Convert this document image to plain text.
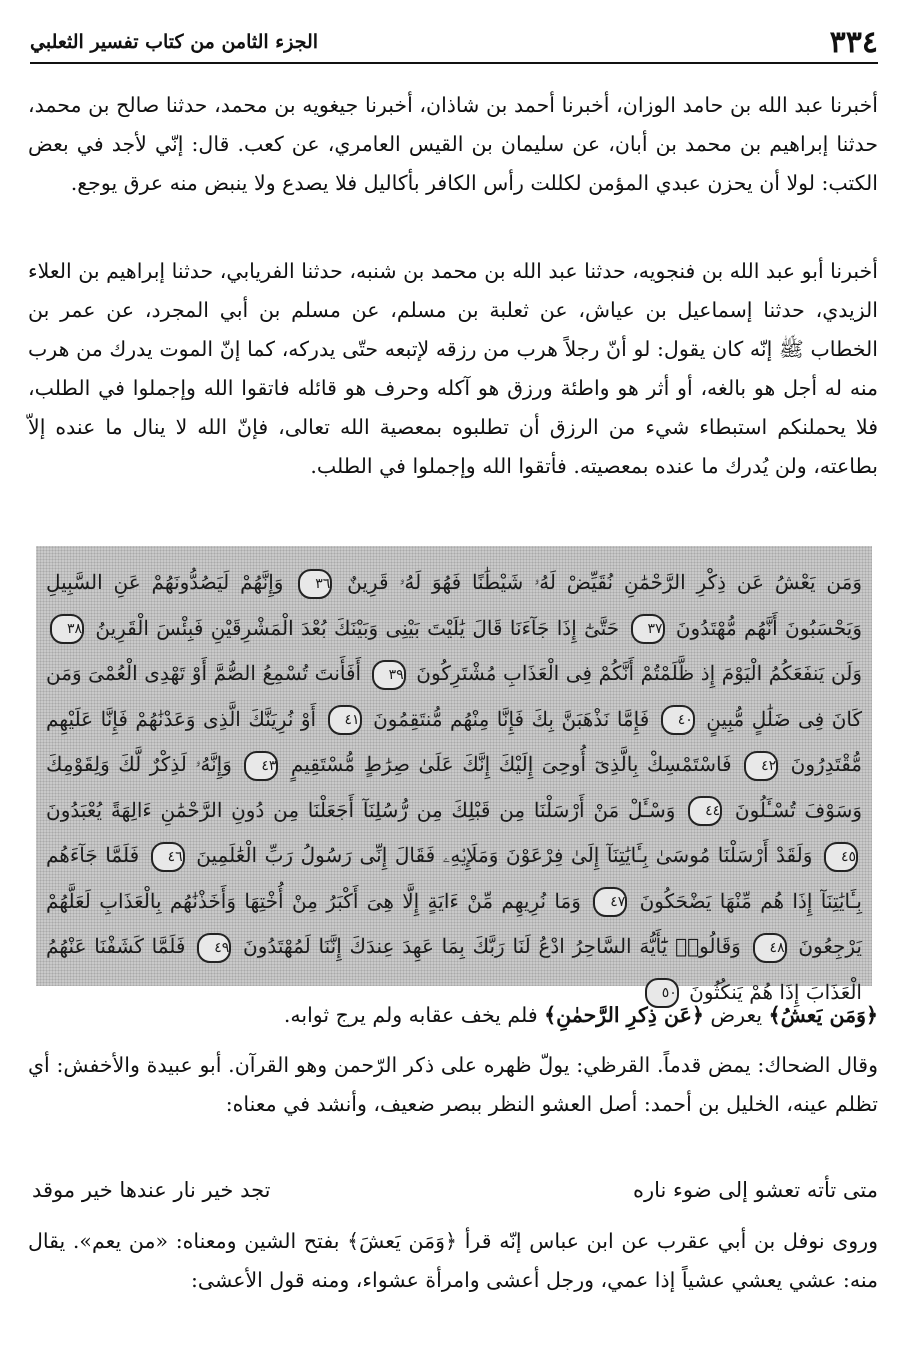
٣٣٤
الجزء الثامن من كتاب تفسير الثعلبي

أخبرنا عبد الله بن حامد الوزان، أخبرنا أحمد بن شاذان، أخبرنا جيغويه بن محمد، حدثنا صالح بن محمد، حدثنا إبراهيم بن محمد بن أبان، عن سليمان بن القيس العامري، عن كعب. قال: إنّي لأجد في بعض الكتب: لولا أن يحزن عبدي المؤمن لكللت رأس الكافر بأكاليل فلا يصدع ولا ينبض منه عرق يوجع.

أخبرنا أبو عبد الله بن فنجويه، حدثنا عبد الله بن محمد بن شنبه، حدثنا الفريابي، حدثنا إبراهيم بن العلاء الزيدي، حدثنا إسماعيل بن عياش، عن ثعلبة بن مسلم، عن مسلم بن أبي المجرد، عن عمر بن الخطاب ﷺ إنّه كان يقول: لو أنّ رجلاً هرب من رزقه لإتبعه حتّى يدركه، كما إنّ الموت يدرك من هرب منه له أجل هو بالغه، أو أثر هو واطئة ورزق هو آكله وحرف هو قائله فاتقوا الله وإجملوا في الطلب، فلا يحملنكم استبطاء شيء من الرزق أن تطلبوه بمعصية الله تعالى، فإنّ الله لا ينال ما عنده إلاّ بطاعته، ولن يُدرك ما عنده بمعصيته. فأتقوا الله وإجملوا في الطلب.

وَمَن يَعْشُ عَن ذِكْرِ الرَّحْمَٰنِ نُقَيِّضْ لَهُۥ شَيْطَٰنًا فَهُوَ لَهُۥ قَرِينٌ ٣٦ وَإِنَّهُمْ لَيَصُدُّونَهُمْ عَنِ السَّبِيلِ وَيَحْسَبُونَ أَنَّهُم مُّهْتَدُونَ ٣٧ حَتَّىٰٓ إِذَا جَآءَنَا قَالَ يَٰلَيْتَ بَيْنِى وَبَيْنَكَ بُعْدَ الْمَشْرِقَيْنِ فَبِئْسَ الْقَرِينُ ٣٨ وَلَن يَنفَعَكُمُ الْيَوْمَ إِذ ظَّلَمْتُمْ أَنَّكُمْ فِى الْعَذَابِ مُشْتَرِكُونَ ٣٩ أَفَأَنتَ تُسْمِعُ الصُّمَّ أَوْ تَهْدِى الْعُمْىَ وَمَن كَانَ فِى ضَلَٰلٍ مُّبِينٍ ٤٠ فَإِمَّا نَذْهَبَنَّ بِكَ فَإِنَّا مِنْهُم مُّنتَقِمُونَ ٤١ أَوْ نُرِيَنَّكَ الَّذِى وَعَدْنَٰهُمْ فَإِنَّا عَلَيْهِم مُّقْتَدِرُونَ ٤٢ فَاسْتَمْسِكْ بِالَّذِىٓ أُوحِىَ إِلَيْكَ إِنَّكَ عَلَىٰ صِرَٰطٍ مُّسْتَقِيمٍ ٤٣ وَإِنَّهُۥ لَذِكْرٌ لَّكَ وَلِقَوْمِكَ وَسَوْفَ تُسْـَٔلُونَ ٤٤ وَسْـَٔلْ مَنْ أَرْسَلْنَا مِن قَبْلِكَ مِن رُّسُلِنَآ أَجَعَلْنَا مِن دُونِ الرَّحْمَٰنِ ءَالِهَةً يُعْبَدُونَ ٤٥ وَلَقَدْ أَرْسَلْنَا مُوسَىٰ بِـَٔايَٰتِنَآ إِلَىٰ فِرْعَوْنَ وَمَلَإِي۟هِۦ فَقَالَ إِنِّى رَسُولُ رَبِّ الْعَٰلَمِينَ ٤٦ فَلَمَّا جَآءَهُم بِـَٔايَٰتِنَآ إِذَا هُم مِّنْهَا يَضْحَكُونَ ٤٧ وَمَا نُرِيهِم مِّنْ ءَايَةٍ إِلَّا هِىَ أَكْبَرُ مِنْ أُخْتِهَا وَأَخَذْنَٰهُم بِالْعَذَابِ لَعَلَّهُمْ يَرْجِعُونَ ٤٨ وَقَالُوا۟ يَٰٓأَيُّهَ السَّاحِرُ ادْعُ لَنَا رَبَّكَ بِمَا عَهِدَ عِندَكَ إِنَّنَا لَمُهْتَدُونَ ٤٩ فَلَمَّا كَشَفْنَا عَنْهُمُ الْعَذَابَ إِذَا هُمْ يَنكُثُونَ ٥٠
﴿وَمَن يَعشُ﴾ يعرض ﴿عَن ذِكرِ الرَّحمٰنِ﴾ فلم يخف عقابه ولم يرج ثوابه.

وقال الضحاك: يمض قدماً. القرظي: يولّ ظهره على ذكر الرّحمن وهو القرآن. أبو عبيدة والأخفش: أي تظلم عينه، الخليل بن أحمد: أصل العشو النظر ببصر ضعيف، وأنشد في معناه:

متى تأته تعشو إلى ضوء ناره
تجد خير نار عندها خير موقد

وروى نوفل بن أبي عقرب عن ابن عباس إنّه قرأ ﴿وَمَن يَعشَ﴾ بفتح الشين ومعناه: «من يعم». يقال منه: عشي يعشي عشياً إذا عمي، ورجل أعشى وامرأة عشواء، ومنه قول الأعشى:
